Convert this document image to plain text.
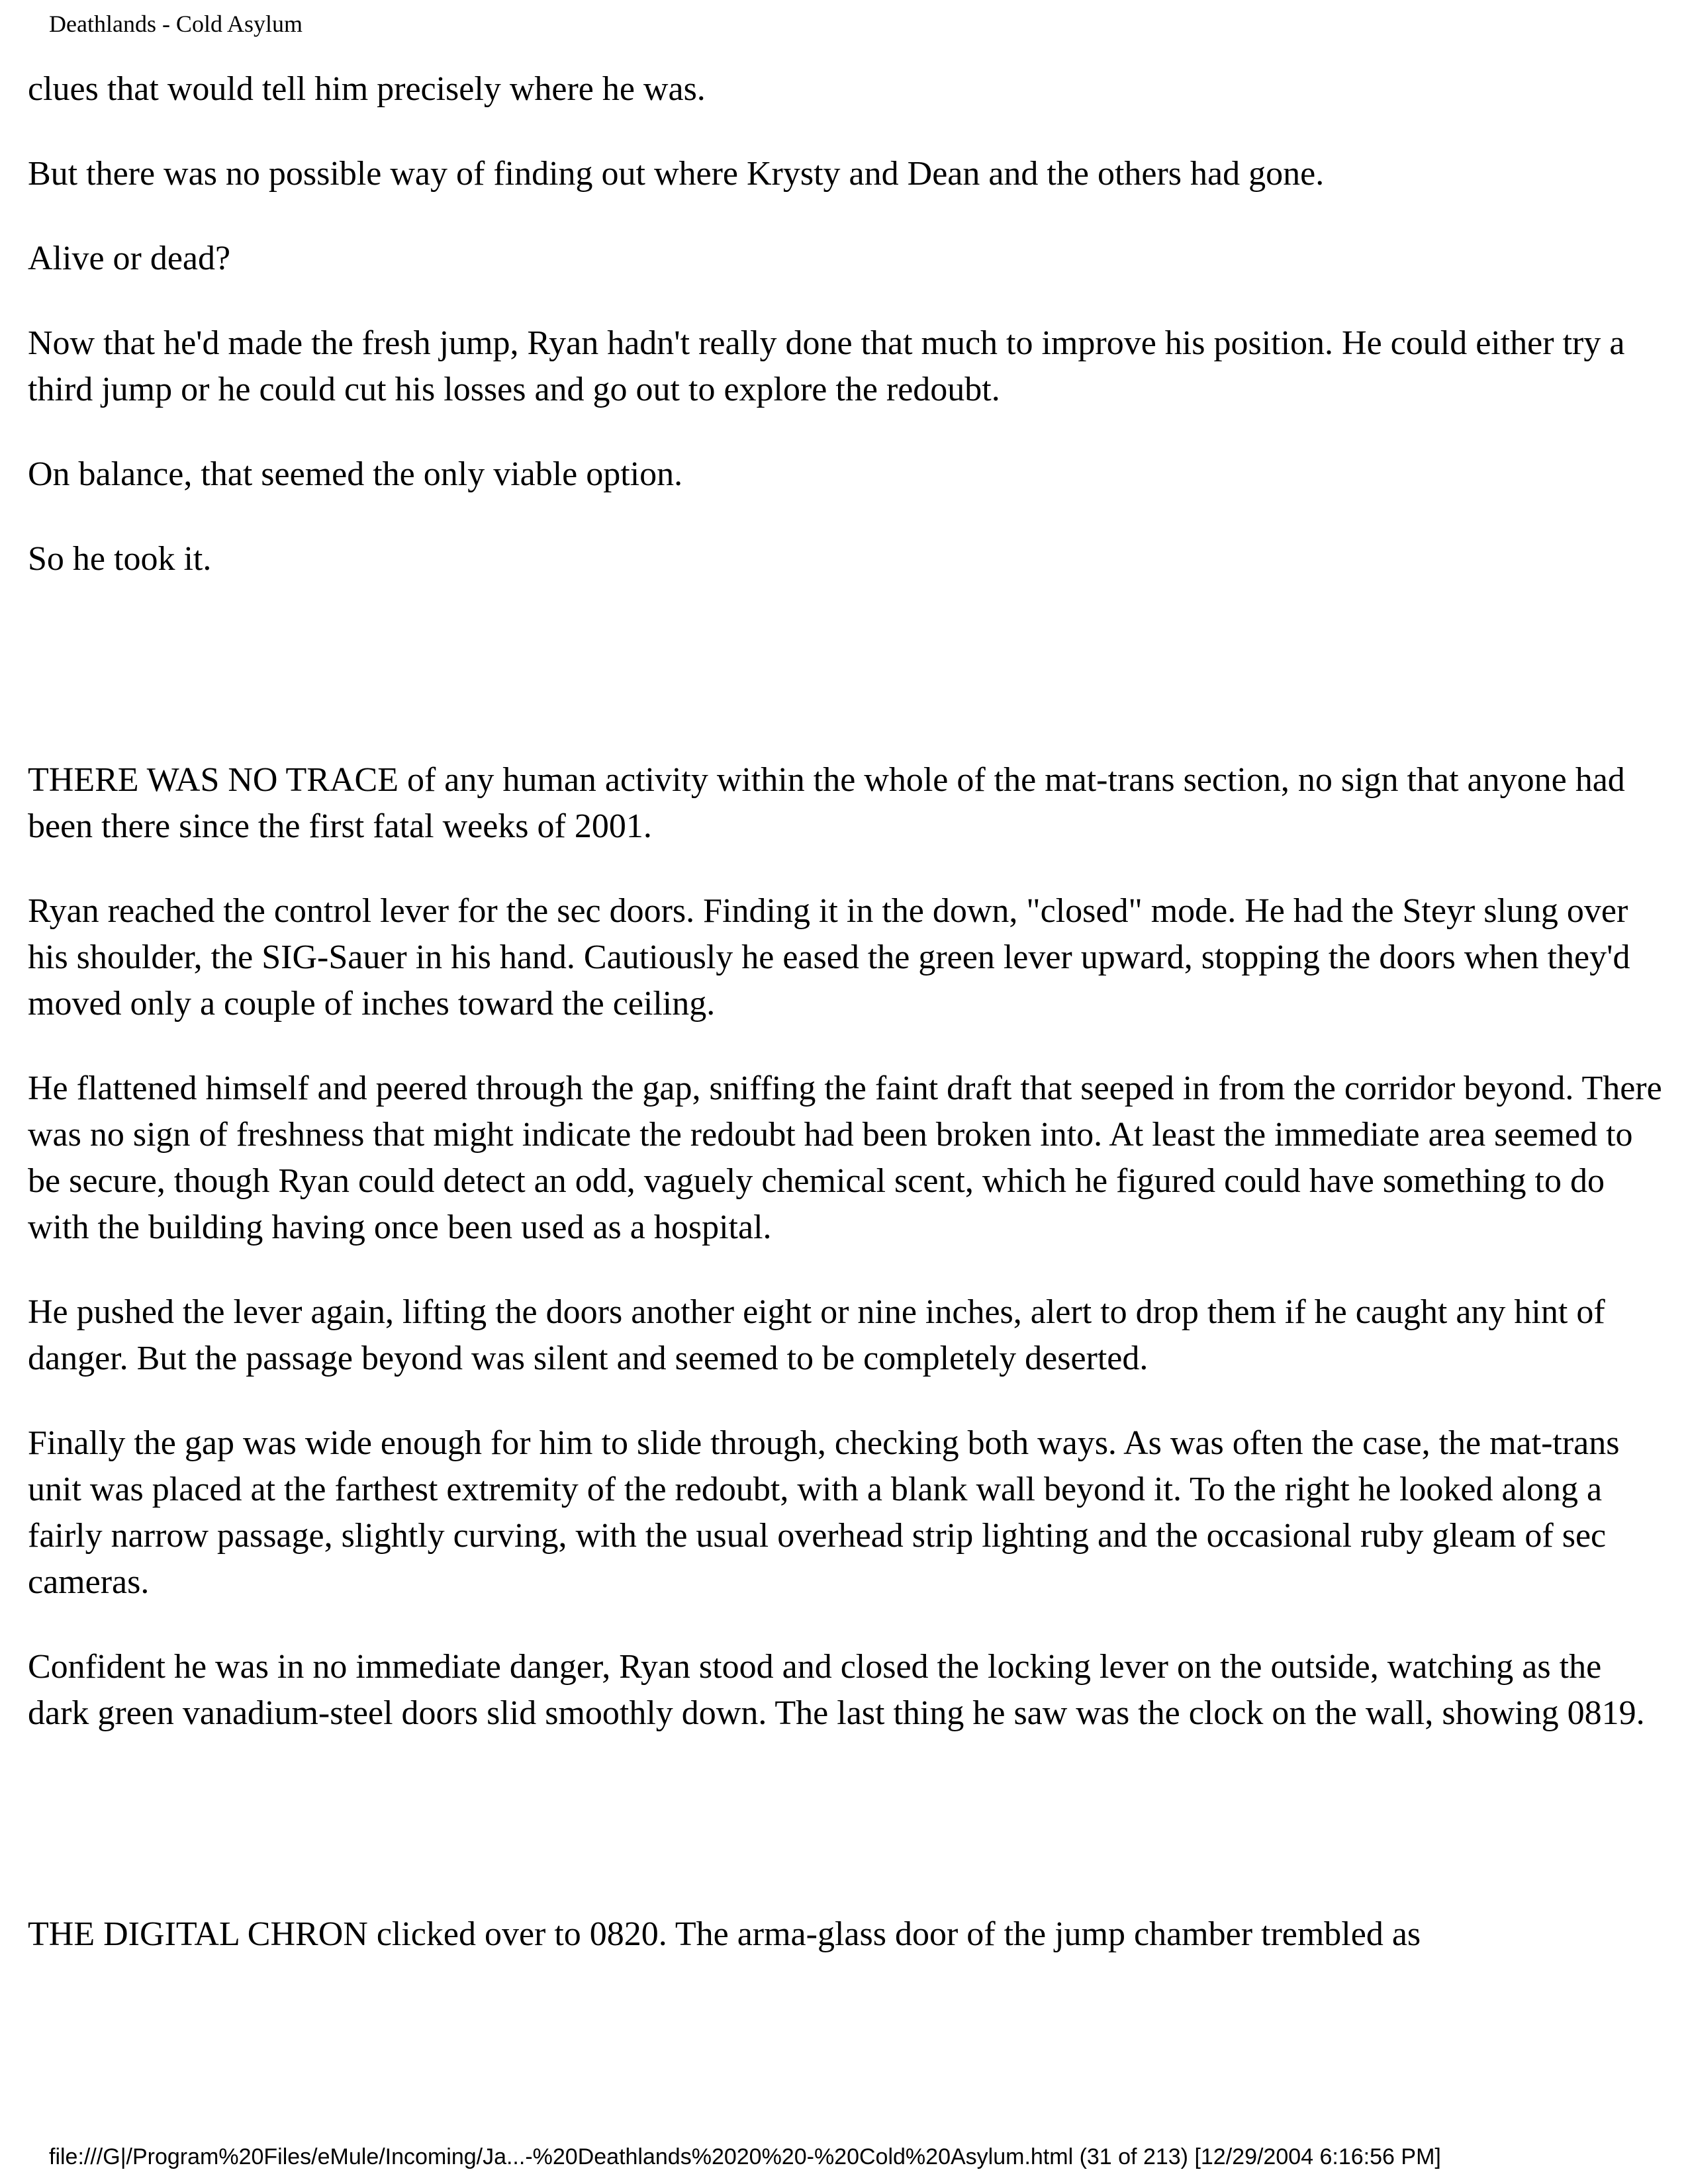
Deathlands - Cold Asylum

clues that would tell him precisely where he was.

But there was no possible way of finding out where Krysty and Dean and the others had gone.

Alive or dead?

Now that he'd made the fresh jump, Ryan hadn't really done that much to improve his position. He could either try a third jump or he could cut his losses and go out to explore the redoubt.

On balance, that seemed the only viable option.

So he took it.

THERE WAS NO TRACE of any human activity within the whole of the mat-trans section, no sign that anyone had been there since the first fatal weeks of 2001.

Ryan reached the control lever for the sec doors. Finding it in the down, "closed" mode. He had the Steyr slung over his shoulder, the SIG-Sauer in his hand. Cautiously he eased the green lever upward, stopping the doors when they'd moved only a couple of inches toward the ceiling.

He flattened himself and peered through the gap, sniffing the faint draft that seeped in from the corridor beyond. There was no sign of freshness that might indicate the redoubt had been broken into. At least the immediate area seemed to be secure, though Ryan could detect an odd, vaguely chemical scent, which he figured could have something to do with the building having once been used as a hospital.

He pushed the lever again, lifting the doors another eight or nine inches, alert to drop them if he caught any hint of danger. But the passage beyond was silent and seemed to be completely deserted.

Finally the gap was wide enough for him to slide through, checking both ways. As was often the case, the mat-trans unit was placed at the farthest extremity of the redoubt, with a blank wall beyond it. To the right he looked along a fairly narrow passage, slightly curving, with the usual overhead strip lighting and the occasional ruby gleam of sec cameras.

Confident he was in no immediate danger, Ryan stood and closed the locking lever on the outside, watching as the dark green vanadium-steel doors slid smoothly down. The last thing he saw was the clock on the wall, showing 0819.

THE DIGITAL CHRON clicked over to 0820. The arma-glass door of the jump chamber trembled as

file:///G|/Program%20Files/eMule/Incoming/Ja...-%20Deathlands%2020%20-%20Cold%20Asylum.html (31 of 213) [12/29/2004 6:16:56 PM]
